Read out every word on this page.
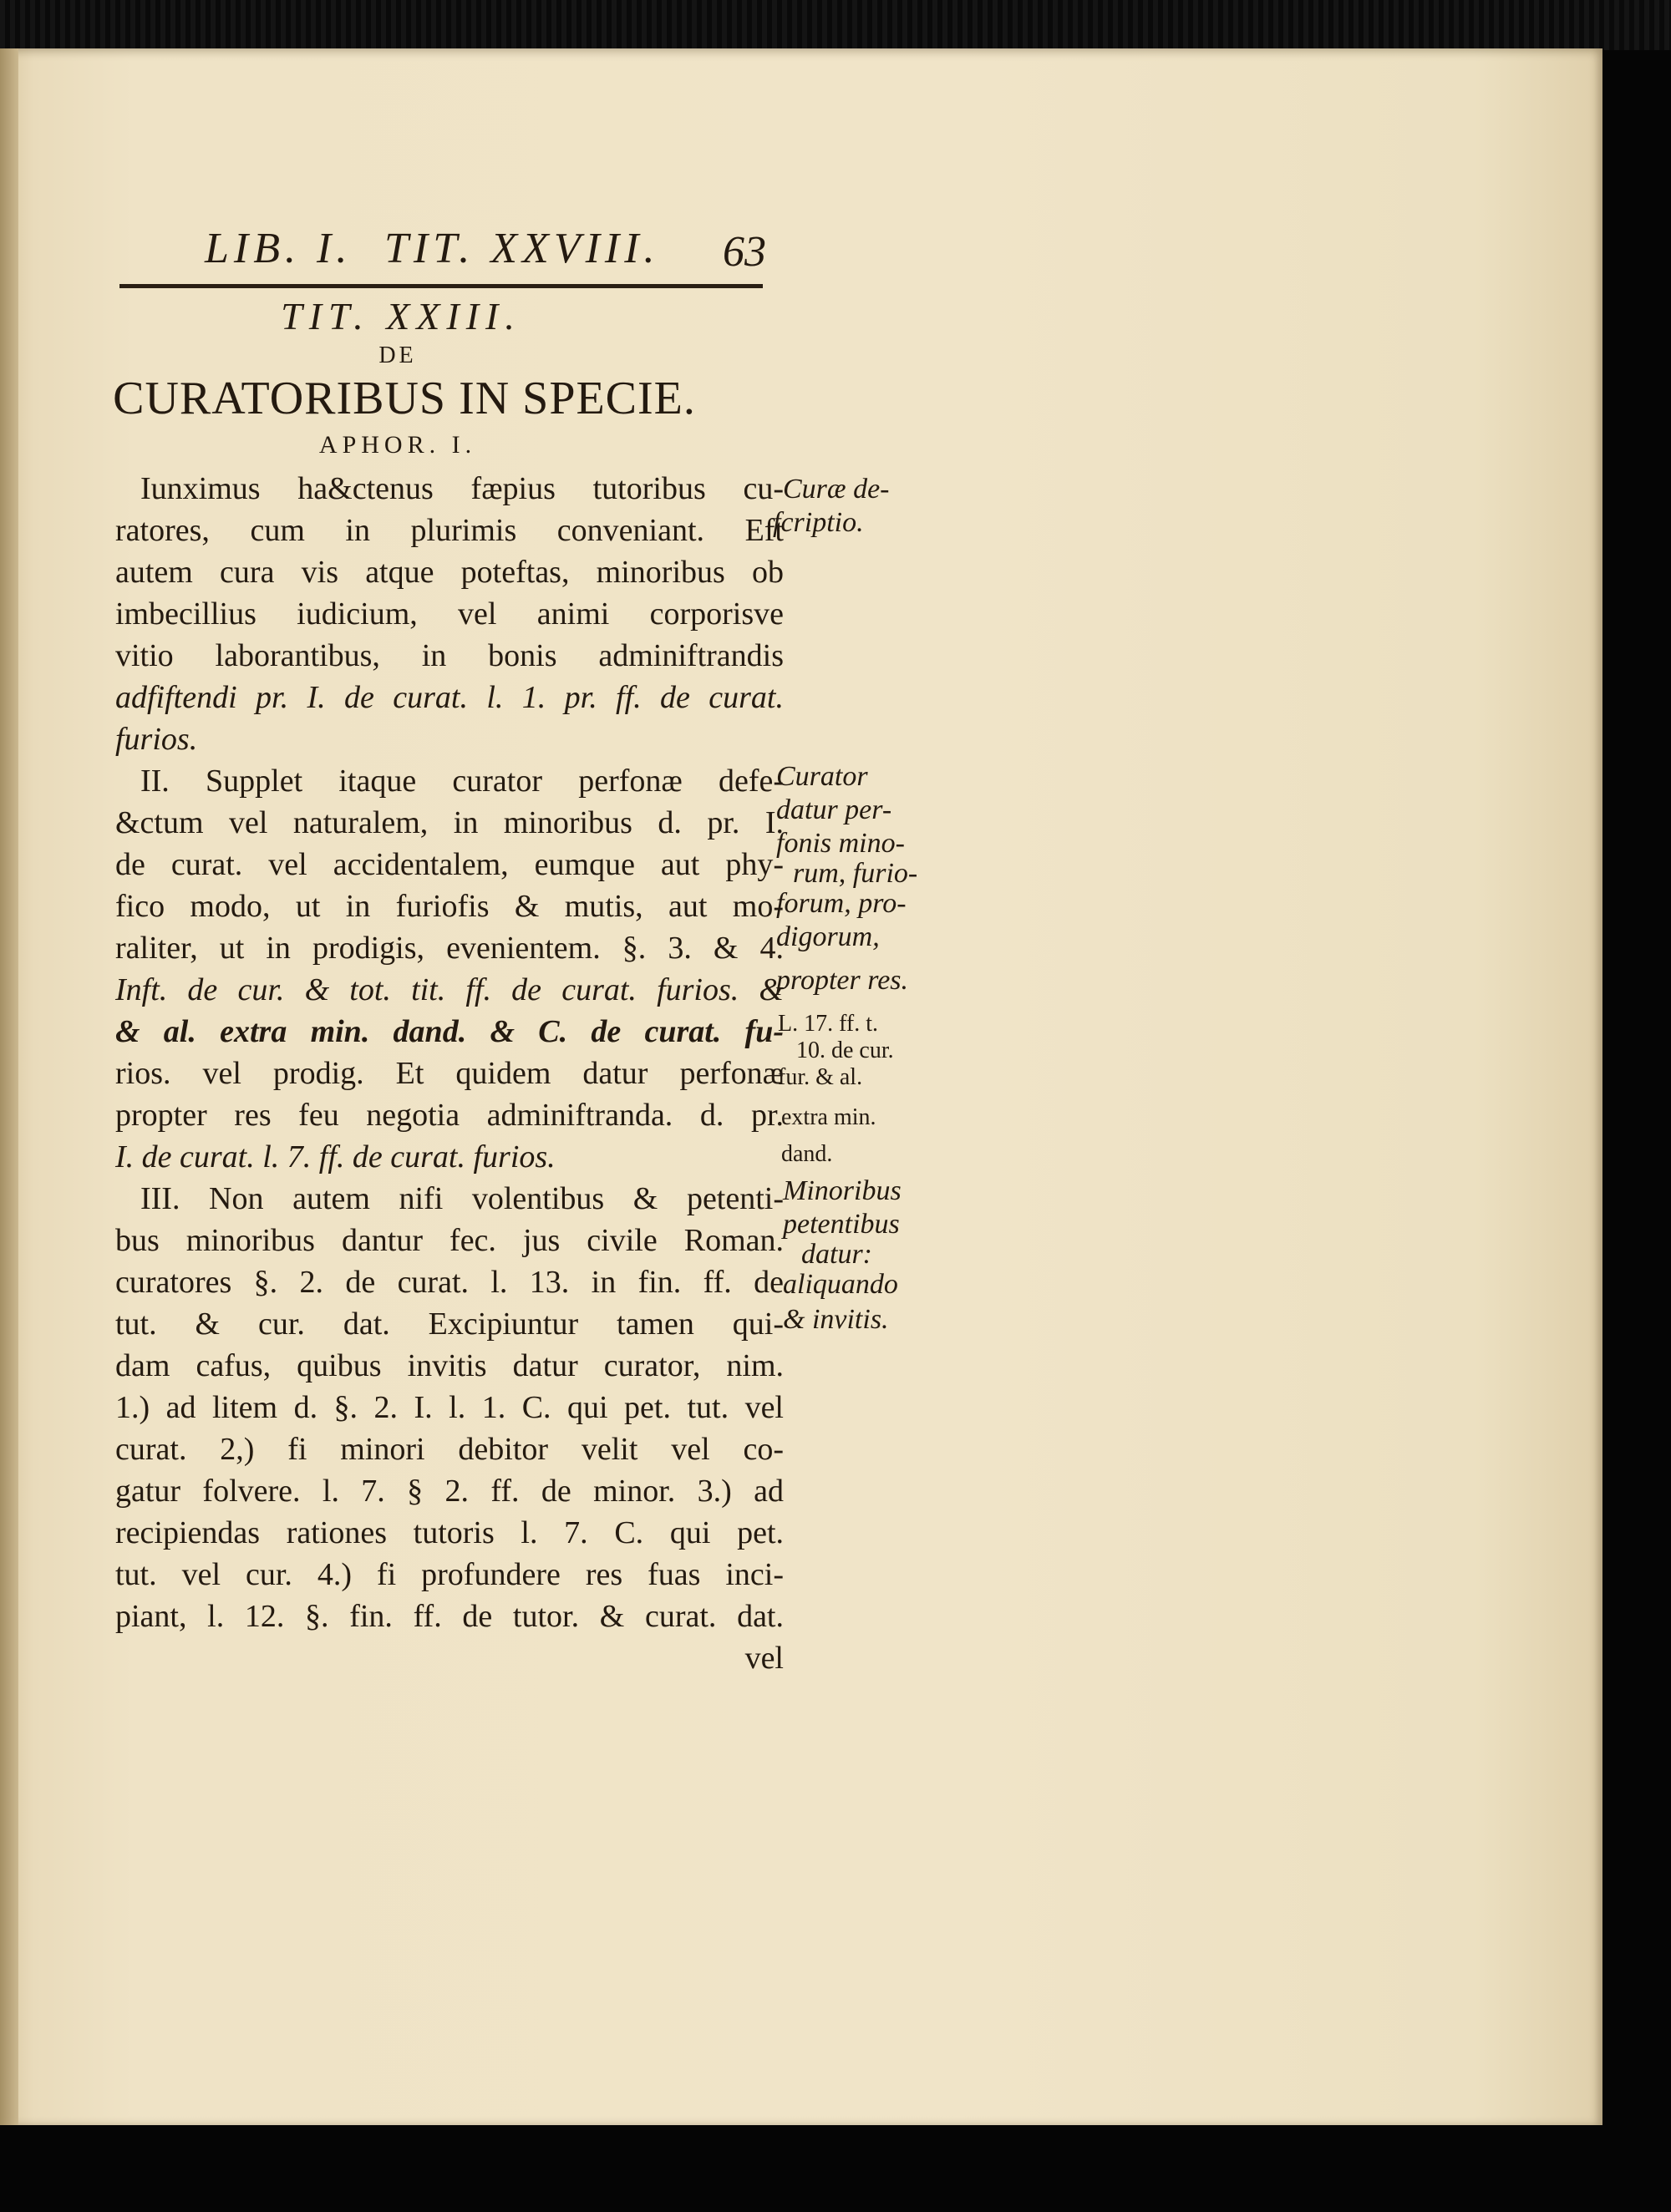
LIB. I. TIT. XXVIII. 63
TIT. XXIII.
DE
CURATORIBUS IN SPECIE.
APHOR. I.
Iunximus ha&ctenus fæpius tutoribus cu-
ratores, cum in plurimis conveniant. Eft
autem cura vis atque poteftas, minoribus ob
imbecillius iudicium, vel animi corporisve
vitio laborantibus, in bonis adminiftrandis
adfiftendi pr. I. de curat. l. 1. pr. ff. de curat.
furios.
II. Supplet itaque curator perfonæ defe-
&ctum vel naturalem, in minoribus d. pr. I.
de curat. vel accidentalem, eumque aut phy-
fico modo, ut in furiofis & mutis, aut mo-
raliter, ut in prodigis, evenientem. §. 3. & 4.
Inft. de cur. & tot. tit. ff. de curat. furios. &
& al. extra min. dand. & C. de curat. fu-
rios. vel prodig. Et quidem datur perfonæ
propter res feu negotia adminiftranda. d. pr.
I. de curat. l. 7. ff. de curat. furios.
III. Non autem nifi volentibus & petenti-
bus minoribus dantur fec. jus civile Roman.
curatores §. 2. de curat. l. 13. in fin. ff. de
tut. & cur. dat. Excipiuntur tamen qui-
dam cafus, quibus invitis datur curator, nim.
1.) ad litem d. §. 2. I. l. 1. C. qui pet. tut. vel
curat. 2,) fi minori debitor velit vel co-
gatur folvere. l. 7. § 2. ff. de minor. 3.) ad
recipiendas rationes tutoris l. 7. C. qui pet.
tut. vel cur. 4.) fi profundere res fuas inci-
piant, l. 12. §. fin. ff. de tutor. & curat. dat.
vel
Curæ de-
fcriptio.
Curator
datur per-
fonis mino-
rum, furio-
forum, pro-
digorum,
propter res.
L. 17. ff. t.
10. de cur.
fur. & al.
extra min.
dand.
Minoribus
petentibus
datur:
aliquando
& invitis.
